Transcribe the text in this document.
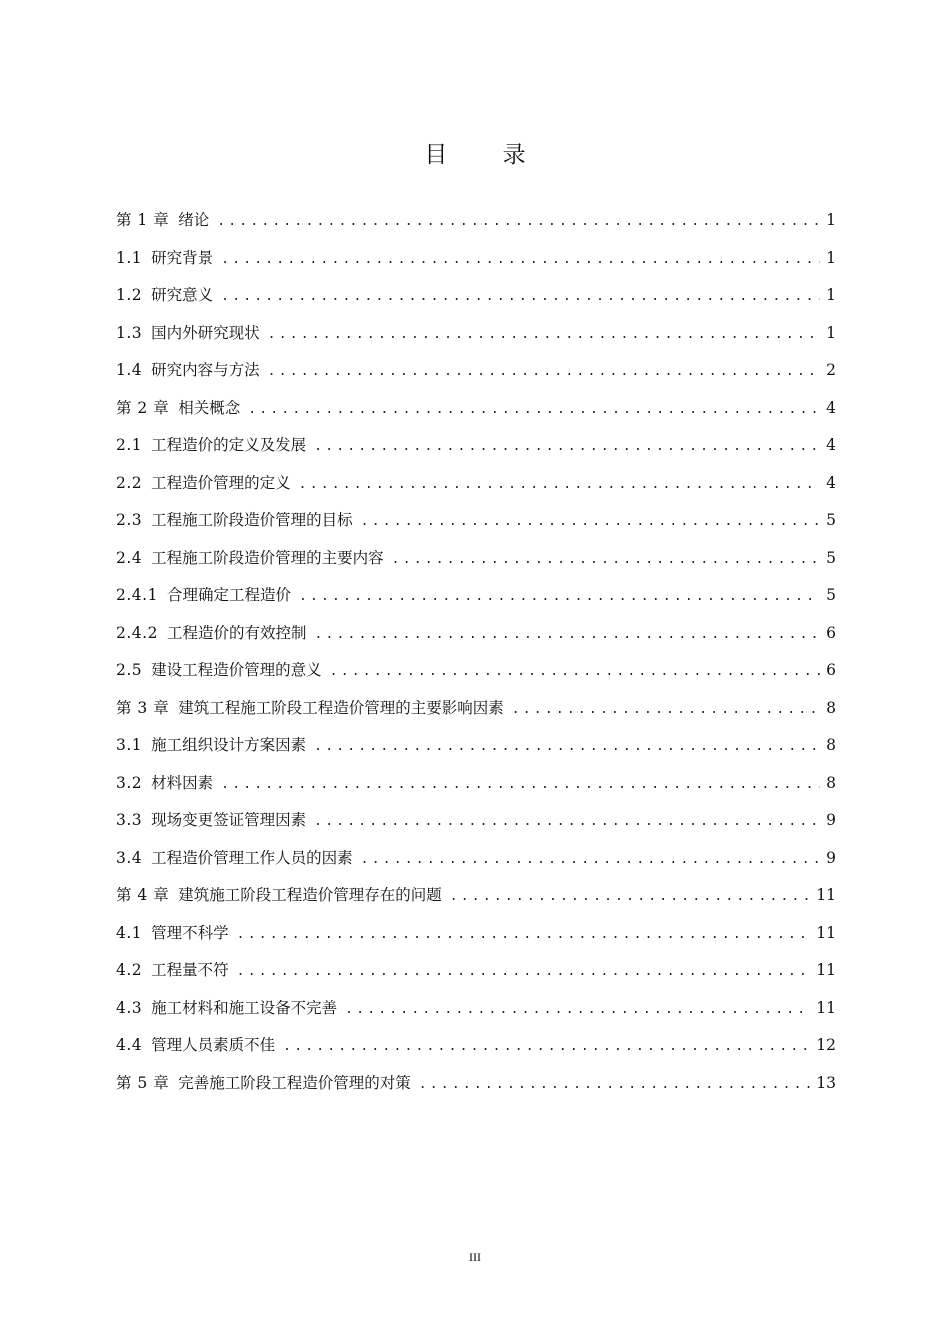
目 录
第 1 章 绪论 .....	1
1.1 研究背景 .....	1
1.2 研究意义 .....	1
1.3 国内外研究现状 .....	1
1.4 研究内容与方法 .....	2
第 2 章 相关概念 .....	4
2.1 工程造价的定义及发展 .....	4
2.2 工程造价管理的定义 .....	4
2.3 工程施工阶段造价管理的目标 .....	5
2.4 工程施工阶段造价管理的主要内容 .....	5
2.4.1 合理确定工程造价 .....	5
2.4.2 工程造价的有效控制 .....	6
2.5 建设工程造价管理的意义 .....	6
第 3 章 建筑工程施工阶段工程造价管理的主要影响因素 .....	8
3.1 施工组织设计方案因素 .....	8
3.2 材料因素 .....	8
3.3 现场变更签证管理因素 .....	9
3.4 工程造价管理工作人员的因素 .....	9
第 4 章 建筑施工阶段工程造价管理存在的问题 .....	11
4.1 管理不科学 .....	11
4.2 工程量不符 .....	11
4.3 施工材料和施工设备不完善 .....	11
4.4 管理人员素质不佳 .....	12
第 5 章 完善施工阶段工程造价管理的对策 .....	13

III
